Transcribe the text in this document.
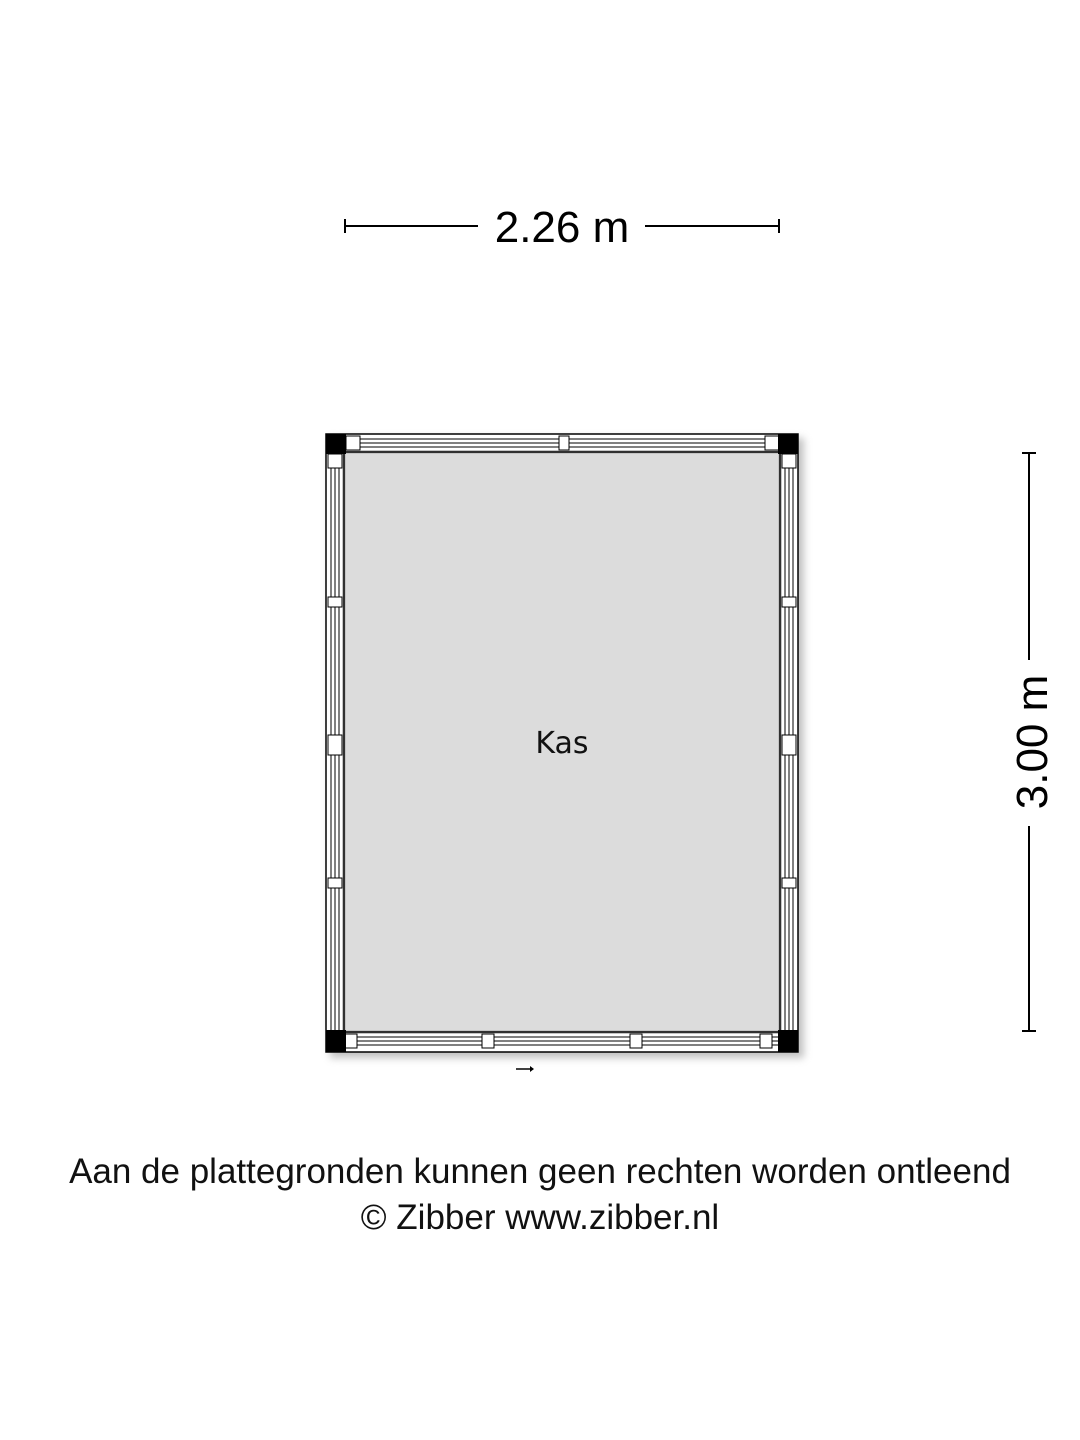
2.26 m
3.00 m
Kas
Aan de plattegronden kunnen geen rechten worden ontleend
© Zibber www.zibber.nl
